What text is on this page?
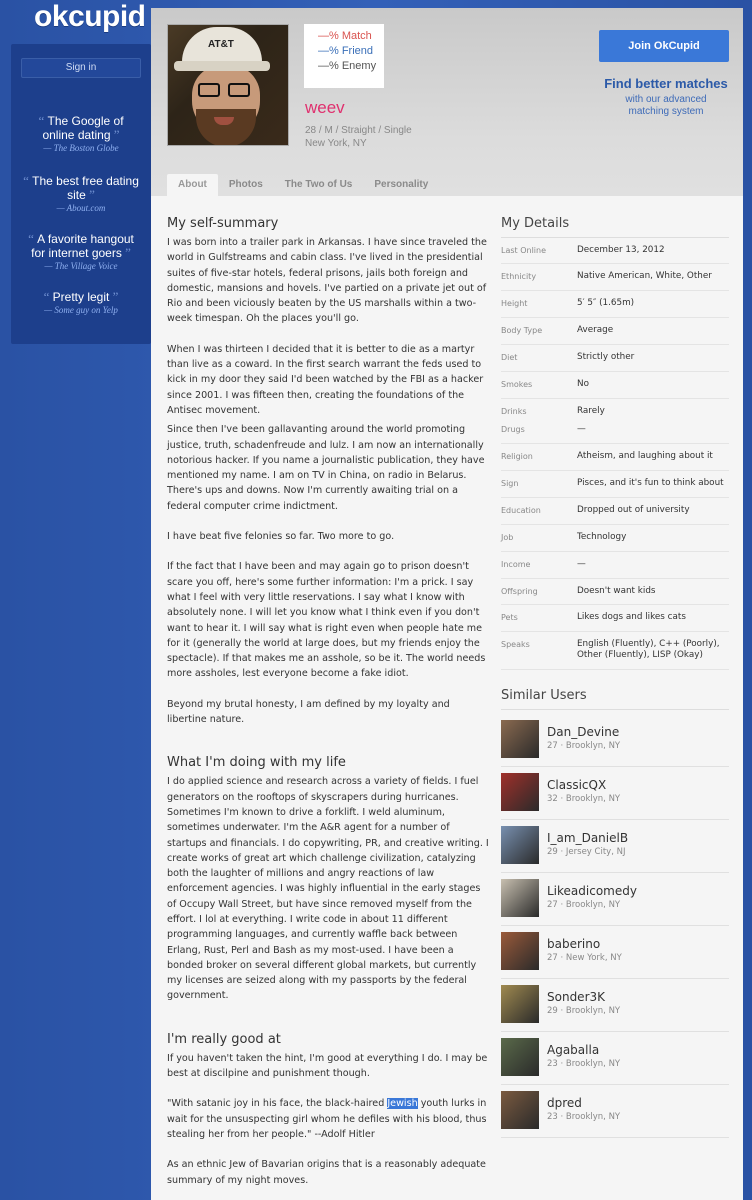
okcupid
Sign in
“ The Google of online dating ”
— The Boston Globe
“ The best free dating site ”
— About.com
“ A favorite hangout for internet goers ”
— The Village Voice
“ Pretty legit ”
— Some guy on Yelp
AT&T
—% Match
—% Friend
—% Enemy
weev
28 / M / Straight / Single
New York, NY
Join OkCupid
Find better matches
with our advanced
matching system
About	Photos	The Two of Us	Personality
My self-summary
I was born into a trailer park in Arkansas. I have since traveled the world in Gulfstreams and cabin class. I've lived in the presidential suites of five-star hotels, federal prisons, jails both foreign and domestic, mansions and hovels. I've partied on a private jet out of Rio and been viciously beaten by the US marshalls within a two-week timespan. Oh the places you'll go.
When I was thirteen I decided that it is better to die as a martyr than live as a coward. In the first search warrant the feds used to kick in my door they said I'd been watched by the FBI as a hacker since 2001. I was fifteen then, creating the foundations of the Antisec movement.
Since then I've been gallavanting around the world promoting justice, truth, schadenfreude and lulz. I am now an internationally notorious hacker. If you name a journalistic publication, they have mentioned my name. I am on TV in China, on radio in Belarus. There's ups and downs. Now I'm currently awaiting trial on a federal computer crime indictment.
I have beat five felonies so far. Two more to go.
If the fact that I have been and may again go to prison doesn't scare you off, here's some further information: I'm a prick. I say what I feel with very little reservations. I say what I know with absolutely none. I will let you know what I think even if you don't want to hear it. I will say what is right even when people hate me for it (generally the world at large does, but my friends enjoy the spectacle). If that makes me an asshole, so be it. The world needs more assholes, lest everyone become a fake idiot.
Beyond my brutal honesty, I am defined by my loyalty and libertine nature.
What I'm doing with my life
I do applied science and research across a variety of fields. I fuel generators on the rooftops of skyscrapers during hurricanes. Sometimes I'm known to drive a forklift. I weld aluminum, sometimes underwater. I'm the A&R agent for a number of startups and financials. I do copywriting, PR, and creative writing. I create works of great art which challenge civilization, catalyzing both the laughter of millions and angry reactions of law enforcement agencies. I was highly influential in the early stages of Occupy Wall Street, but have since removed myself from the effort. I lol at everything. I write code in about 11 different programming languages, and currently waffle back between Erlang, Rust, Perl and Bash as my most-used. I have been a bonded broker on several different global markets, but currently my licenses are seized along with my passports by the federal government.
I'm really good at
If you haven't taken the hint, I'm good at everything I do. I may be best at discilpine and punishment though.
"With satanic joy in his face, the black-haired Jewish youth lurks in wait for the unsuspecting girl whom he defiles with his blood, thus stealing her from her people." --Adolf Hitler
As an ethnic Jew of Bavarian origins that is a reasonably adequate summary of my night moves.
My Details
Last Online	December 13, 2012
Ethnicity	Native American, White, Other
Height	5′ 5″ (1.65m)
Body Type	Average
Diet	Strictly other
Smokes	No
Drinks	Rarely
Drugs	—
Religion	Atheism, and laughing about it
Sign	Pisces, and it's fun to think about
Education	Dropped out of university
Job	Technology
Income	—
Offspring	Doesn't want kids
Pets	Likes dogs and likes cats
Speaks	English (Fluently), C++ (Poorly), Other (Fluently), LISP (Okay)
Similar Users
Dan_Devine
27 · Brooklyn, NY
ClassicQX
32 · Brooklyn, NY
I_am_DanielB
29 · Jersey City, NJ
Likeadicomedy
27 · Brooklyn, NY
baberino
27 · New York, NY
Sonder3K
29 · Brooklyn, NY
Agaballa
23 · Brooklyn, NY
dpred
23 · Brooklyn, NY
